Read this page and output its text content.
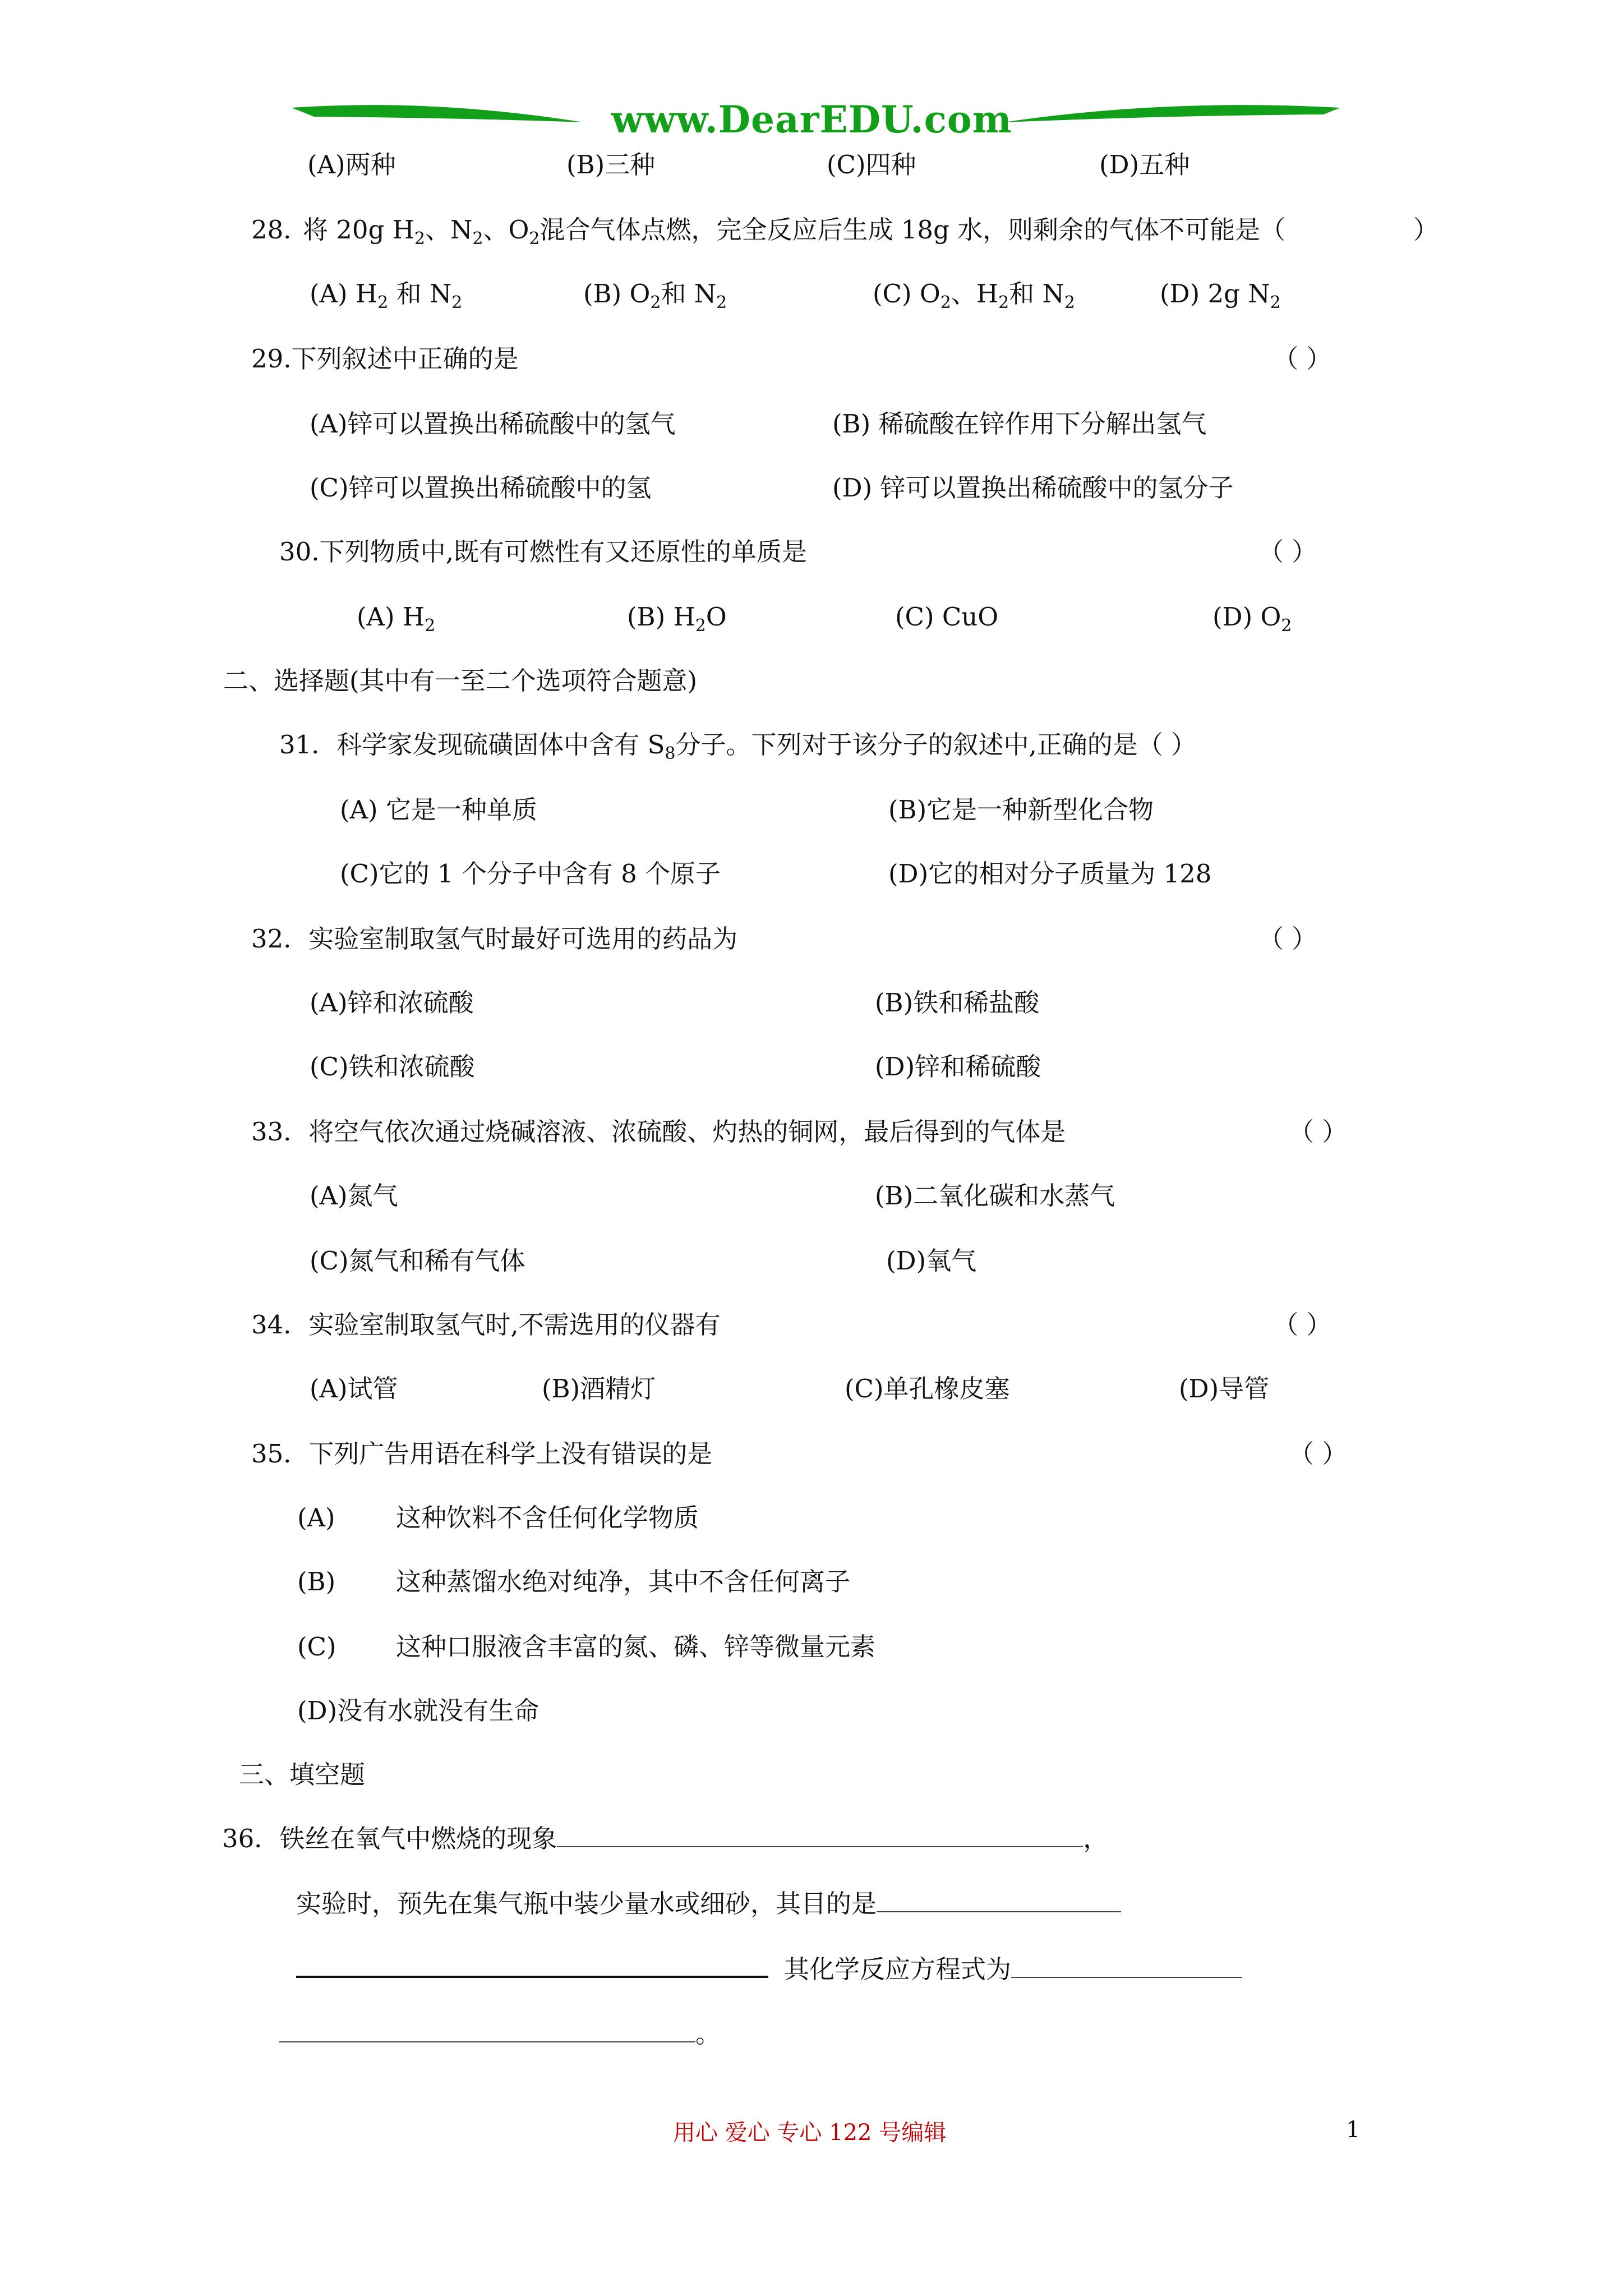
www.DearEDU.com
(A)两种	(B)三种	(C)四种	(D)五种
28．
将 20g $H_2$、$N_2$、$O_2$混合气体点燃，完全反应后生成 18g 水，则剩余的气体不可能是（	）
(A) $H_2$ 和 $N_2$	(B) $O_2$和 $N_2$	(C) $O_2$、$H_2$和 $N_2$	(D) 2g $N_2$
29.下列叙述中正确的是	（ ）
(A)锌可以置换出稀硫酸中的氢气	(B) 稀硫酸在锌作用下分解出氢气
(C)锌可以置换出稀硫酸中的氢	(D) 锌可以置换出稀硫酸中的氢分子
30.下列物质中,既有可燃性有又还原性的单质是	（ ）
(A) $H_2$	(B) $H_2O$	(C) CuO	(D) $O_2$
二、选择题(其中有一至二个选项符合题意)
31．科学家发现硫磺固体中含有 $S_8$分子。下列对于该分子的叙述中,正确的是（ ）
(A) 它是一种单质	(B)它是一种新型化合物
(C)它的 1 个分子中含有 8 个原子	(D)它的相对分子质量为 128
32．实验室制取氢气时最好可选用的药品为	（ ）
(A)锌和浓硫酸	(B)铁和稀盐酸
(C)铁和浓硫酸	(D)锌和稀硫酸
33．将空气依次通过烧碱溶液、浓硫酸、灼热的铜网，最后得到的气体是	（ ）
(A)氮气	(B)二氧化碳和水蒸气
(C)氮气和稀有气体	(D)氧气
34．实验室制取氢气时,不需选用的仪器有	（ ）
(A)试管	(B)酒精灯	(C)单孔橡皮塞	(D)导管
35．下列广告用语在科学上没有错误的是	（ ）
(A) 这种饮料不含任何化学物质
(B) 这种蒸馏水绝对纯净，其中不含任何离子
(C) 这种口服液含丰富的氮、磷、锌等微量元素
(D)没有水就没有生命
三、填空题
36．铁丝在氧气中燃烧的现象	，
实验时，预先在集气瓶中装少量水或细砂，其目的是
其化学反应方程式为
。
用心 爱心 专心 122 号编辑	1
